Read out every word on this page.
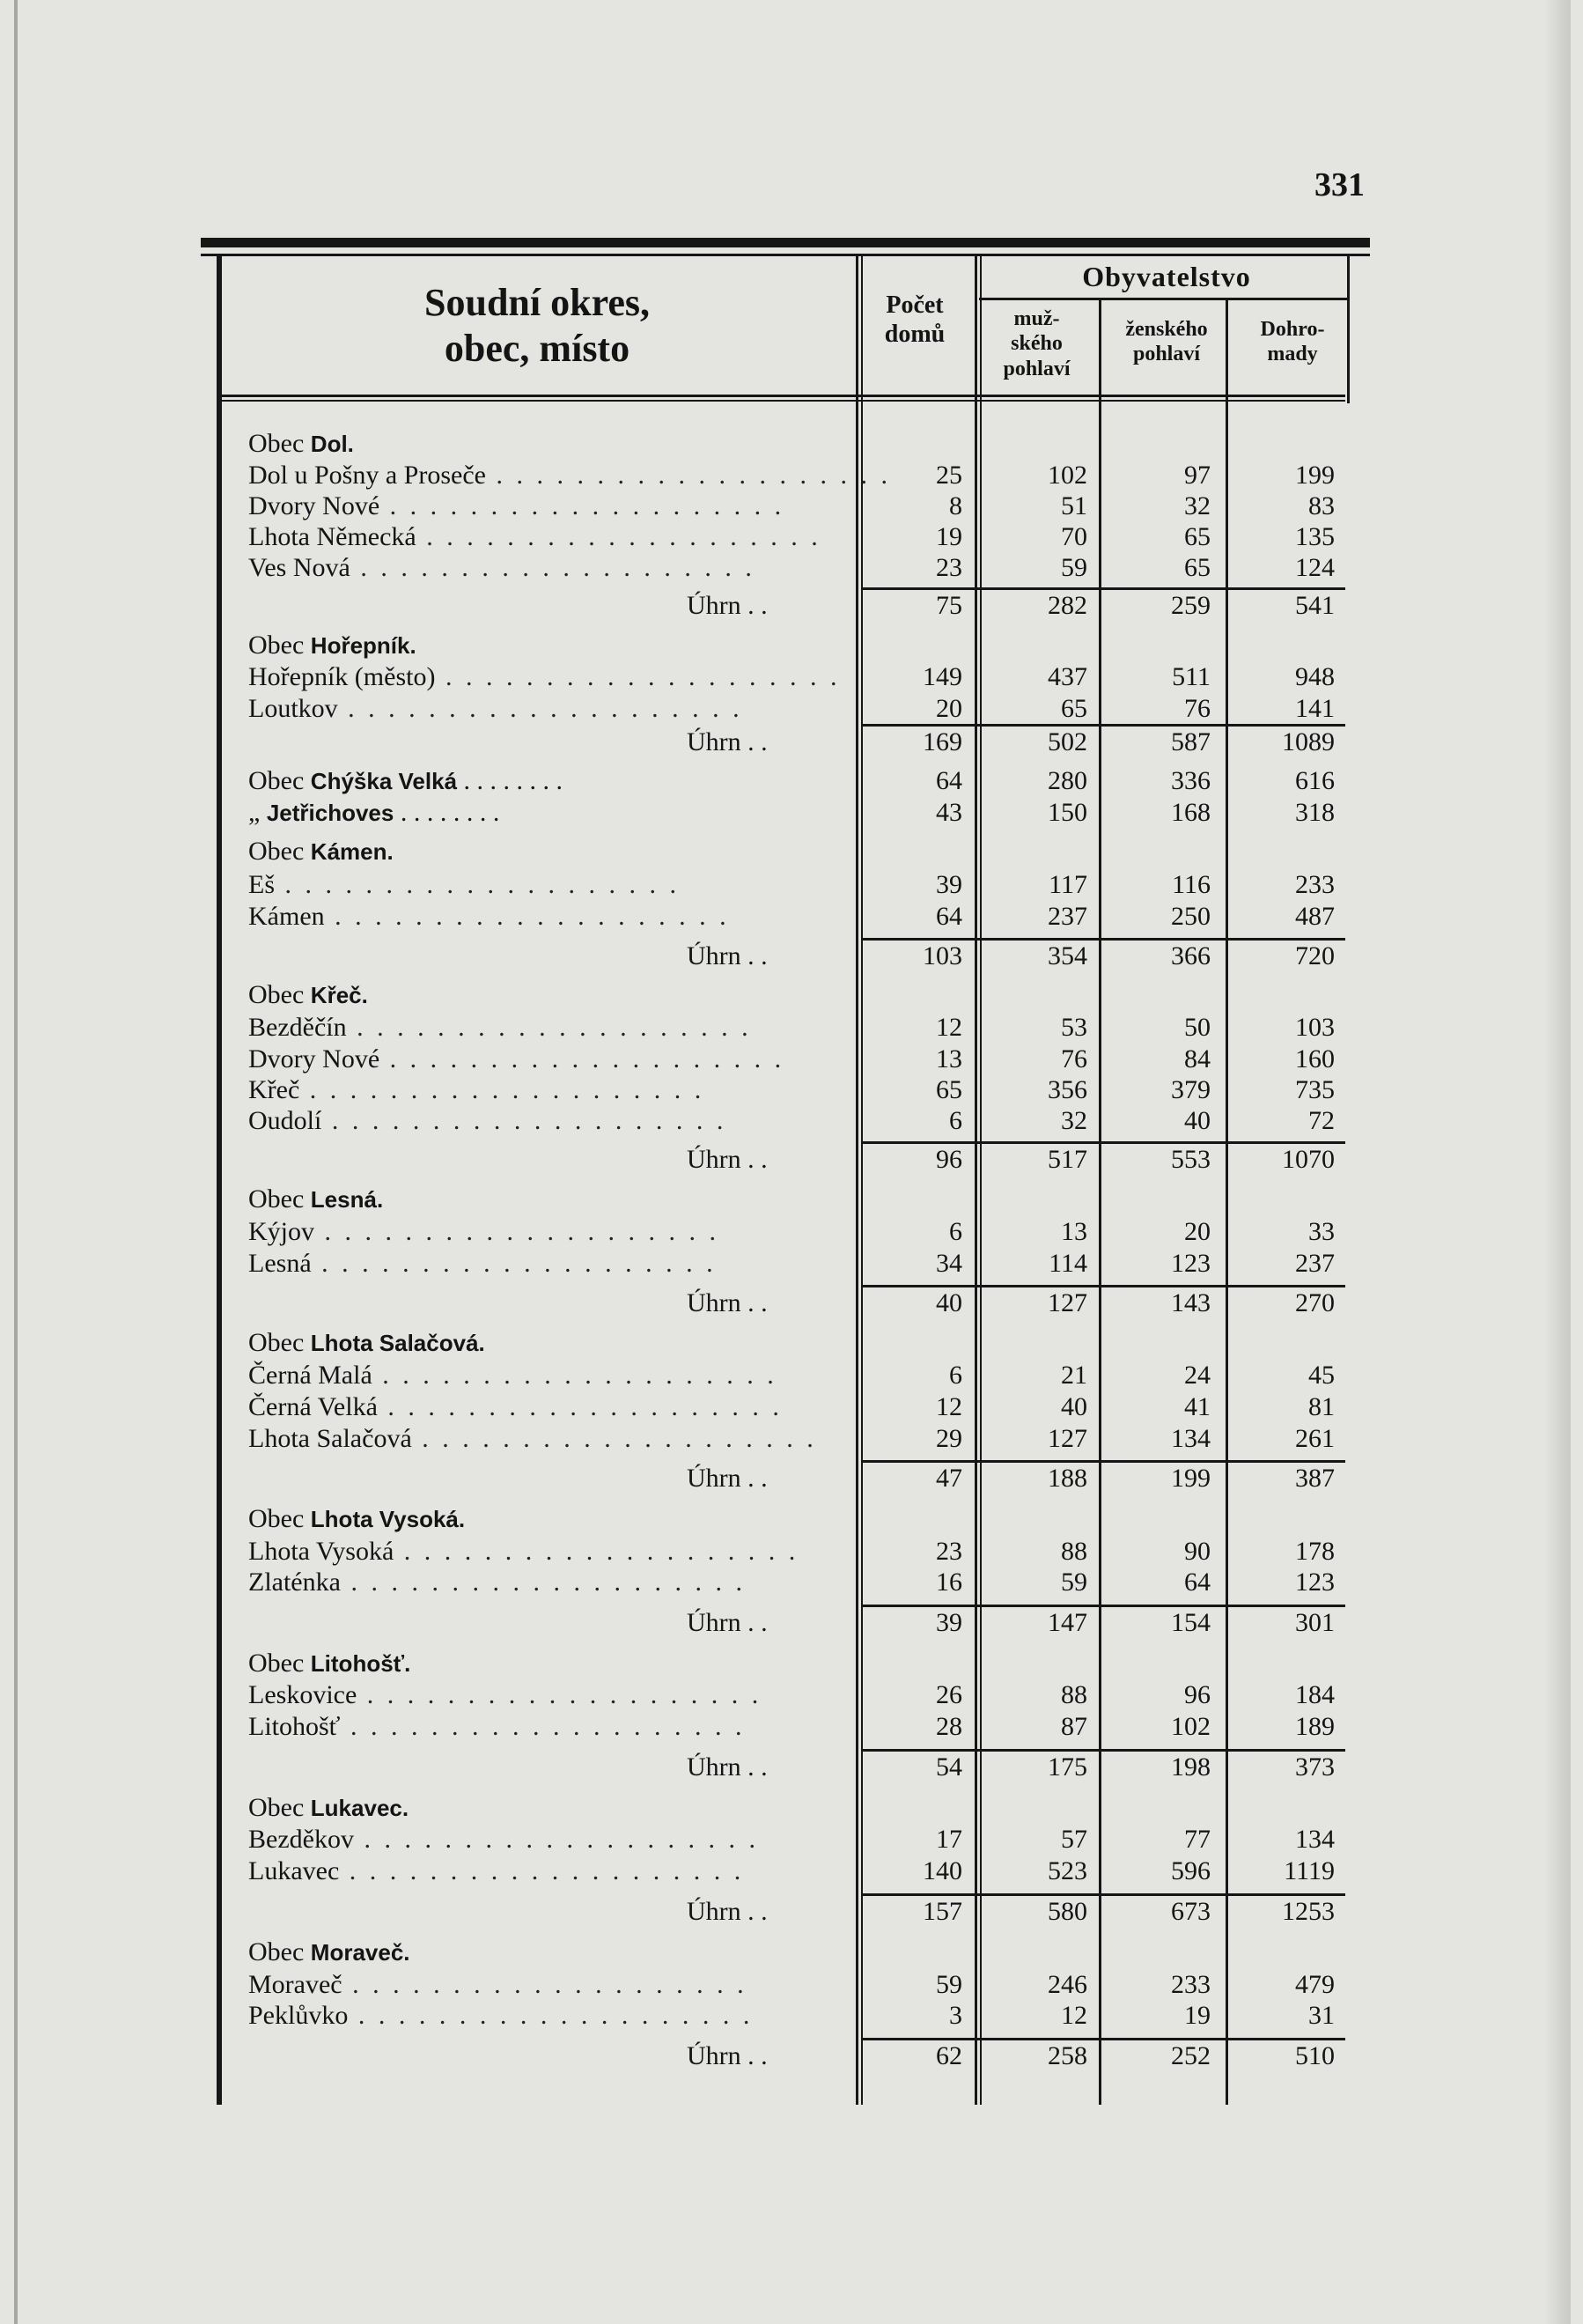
331
Soudní okres,
obec, místo
Počet
domů
Obyvatelstvo
muž-
ského
pohlaví
ženského
pohlaví
Dohro-
mady
Obec Dol.
Dol u Pošny a Proseče . . . . . . . . . . . . . . . . . . . .	25	102	97	199
Dvory Nové . . . . . . . . . . . . . . . . . . . .	8	51	32	83
Lhota Německá . . . . . . . . . . . . . . . . . . . .	19	70	65	135
Ves Nová . . . . . . . . . . . . . . . . . . . .	23	59	65	124
Úhrn . .	75	282	259	541
Obec Hořepník.
Hořepník (město) . . . . . . . . . . . . . . . . . . . .	149	437	511	948
Loutkov . . . . . . . . . . . . . . . . . . . .	20	65	76	141
Úhrn . .	169	502	587	1089
Obec Chýška Velká . . . . . . . .	64	280	336	616
„ Jetřichoves . . . . . . . .	43	150	168	318
Obec Kámen.
Eš . . . . . . . . . . . . . . . . . . . .	39	117	116	233
Kámen . . . . . . . . . . . . . . . . . . . .	64	237	250	487
Úhrn . .	103	354	366	720
Obec Křeč.
Bezděčín . . . . . . . . . . . . . . . . . . . .	12	53	50	103
Dvory Nové . . . . . . . . . . . . . . . . . . . .	13	76	84	160
Křeč . . . . . . . . . . . . . . . . . . . .	65	356	379	735
Oudolí . . . . . . . . . . . . . . . . . . . .	6	32	40	72
Úhrn . .	96	517	553	1070
Obec Lesná.
Kýjov . . . . . . . . . . . . . . . . . . . .	6	13	20	33
Lesná . . . . . . . . . . . . . . . . . . . .	34	114	123	237
Úhrn . .	40	127	143	270
Obec Lhota Salačová.
Černá Malá . . . . . . . . . . . . . . . . . . . .	6	21	24	45
Černá Velká . . . . . . . . . . . . . . . . . . . .	12	40	41	81
Lhota Salačová . . . . . . . . . . . . . . . . . . . .	29	127	134	261
Úhrn . .	47	188	199	387
Obec Lhota Vysoká.
Lhota Vysoká . . . . . . . . . . . . . . . . . . . .	23	88	90	178
Zlaténka . . . . . . . . . . . . . . . . . . . .	16	59	64	123
Úhrn . .	39	147	154	301
Obec Litohošť.
Leskovice . . . . . . . . . . . . . . . . . . . .	26	88	96	184
Litohošť . . . . . . . . . . . . . . . . . . . .	28	87	102	189
Úhrn . .	54	175	198	373
Obec Lukavec.
Bezděkov . . . . . . . . . . . . . . . . . . . .	17	57	77	134
Lukavec . . . . . . . . . . . . . . . . . . . .	140	523	596	1119
Úhrn . .	157	580	673	1253
Obec Moraveč.
Moraveč . . . . . . . . . . . . . . . . . . . .	59	246	233	479
Peklůvko . . . . . . . . . . . . . . . . . . . .	3	12	19	31
Úhrn . .	62	258	252	510
